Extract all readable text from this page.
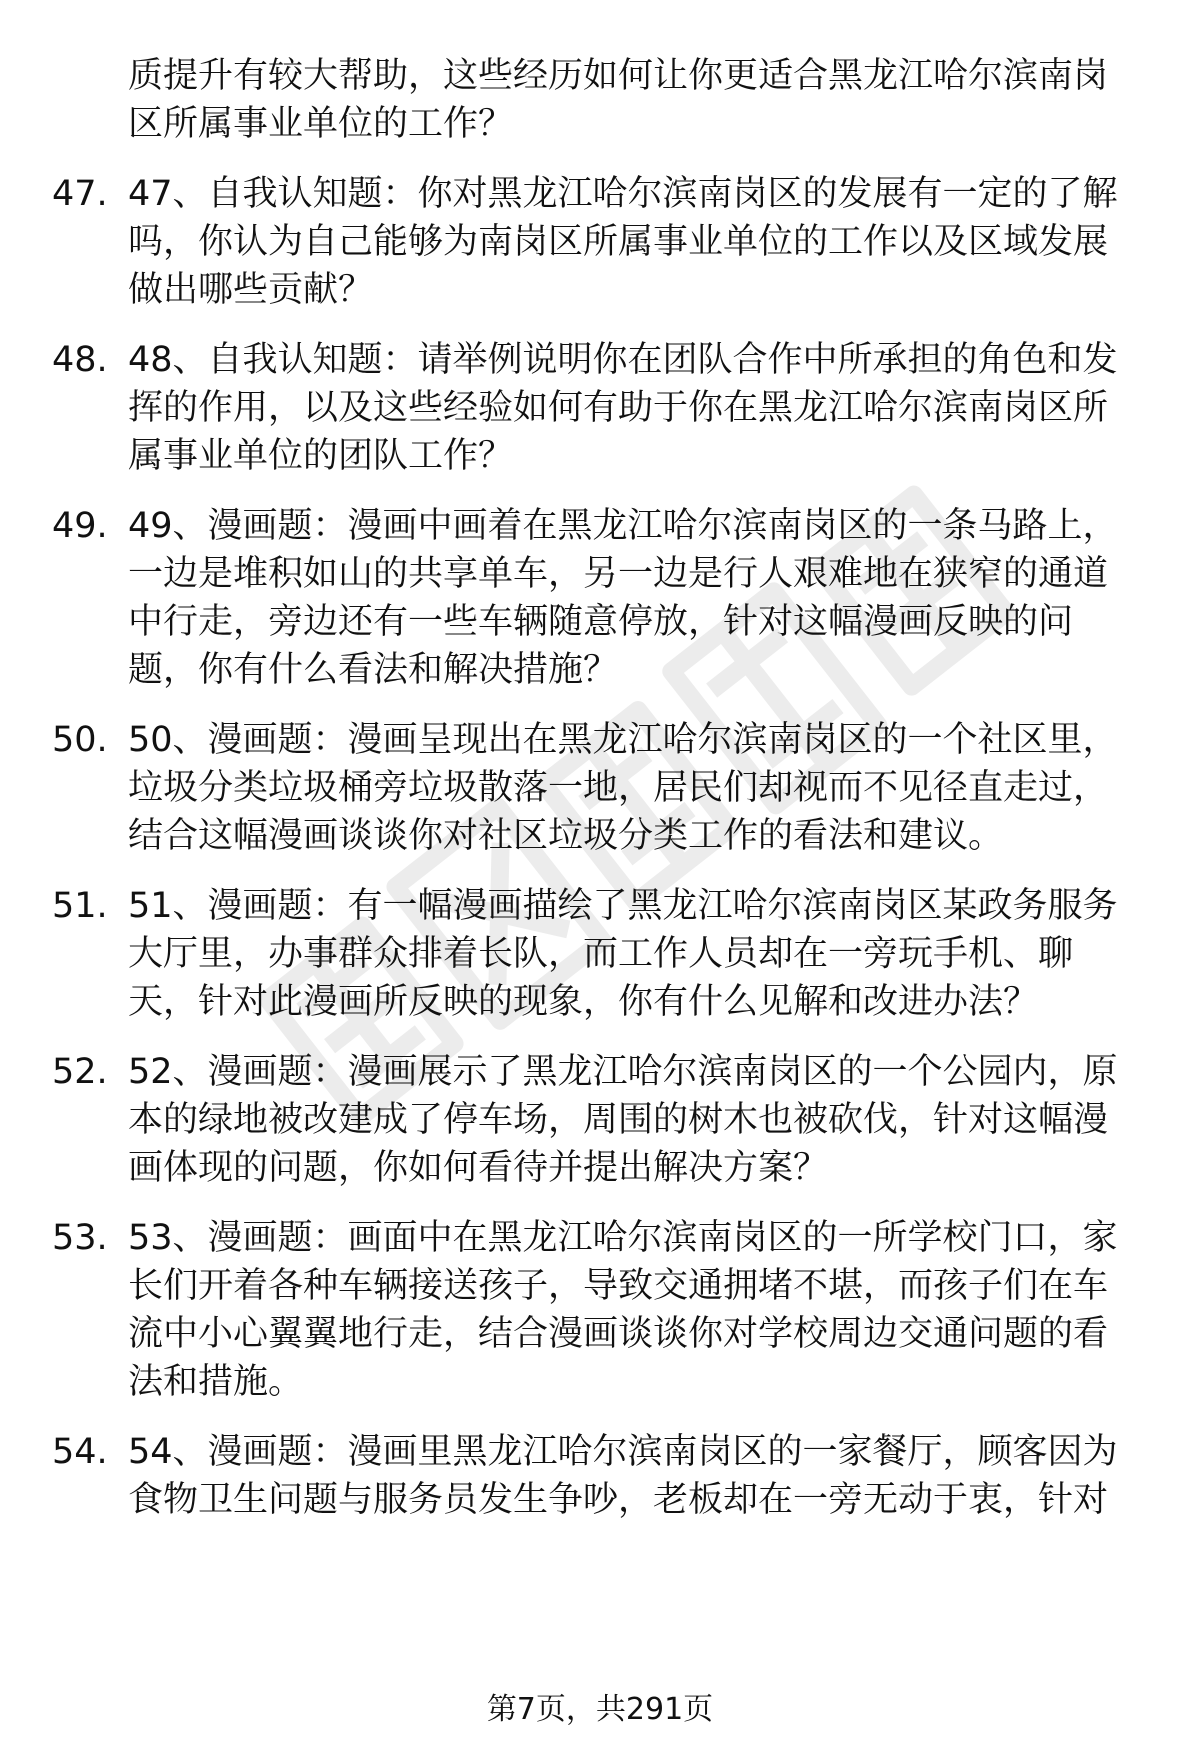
质提升有较大帮助，这些经历如何让你更适合黑龙江哈尔滨南岗
区所属事业单位的工作？
47. 47、自我认知题：你对黑龙江哈尔滨南岗区的发展有一定的了解
吗，你认为自己能够为南岗区所属事业单位的工作以及区域发展
做出哪些贡献？
48. 48、自我认知题：请举例说明你在团队合作中所承担的角色和发
挥的作用，以及这些经验如何有助于你在黑龙江哈尔滨南岗区所
属事业单位的团队工作？
49. 49、漫画题：漫画中画着在黑龙江哈尔滨南岗区的一条马路上，
一边是堆积如山的共享单车，另一边是行人艰难地在狭窄的通道
中行走，旁边还有一些车辆随意停放，针对这幅漫画反映的问
题，你有什么看法和解决措施？
50. 50、漫画题：漫画呈现出在黑龙江哈尔滨南岗区的一个社区里，
垃圾分类垃圾桶旁垃圾散落一地，居民们却视而不见径直走过，
结合这幅漫画谈谈你对社区垃圾分类工作的看法和建议。
51. 51、漫画题：有一幅漫画描绘了黑龙江哈尔滨南岗区某政务服务
大厅里，办事群众排着长队，而工作人员却在一旁玩手机、聊
天，针对此漫画所反映的现象，你有什么见解和改进办法？
52. 52、漫画题：漫画展示了黑龙江哈尔滨南岗区的一个公园内，原
本的绿地被改建成了停车场，周围的树木也被砍伐，针对这幅漫
画体现的问题，你如何看待并提出解决方案？
53. 53、漫画题：画面中在黑龙江哈尔滨南岗区的一所学校门口，家
长们开着各种车辆接送孩子，导致交通拥堵不堪，而孩子们在车
流中小心翼翼地行走，结合漫画谈谈你对学校周边交通问题的看
法和措施。
54. 54、漫画题：漫画里黑龙江哈尔滨南岗区的一家餐厅，顾客因为
食物卫生问题与服务员发生争吵，老板却在一旁无动于衷，针对
第7页，共291页
